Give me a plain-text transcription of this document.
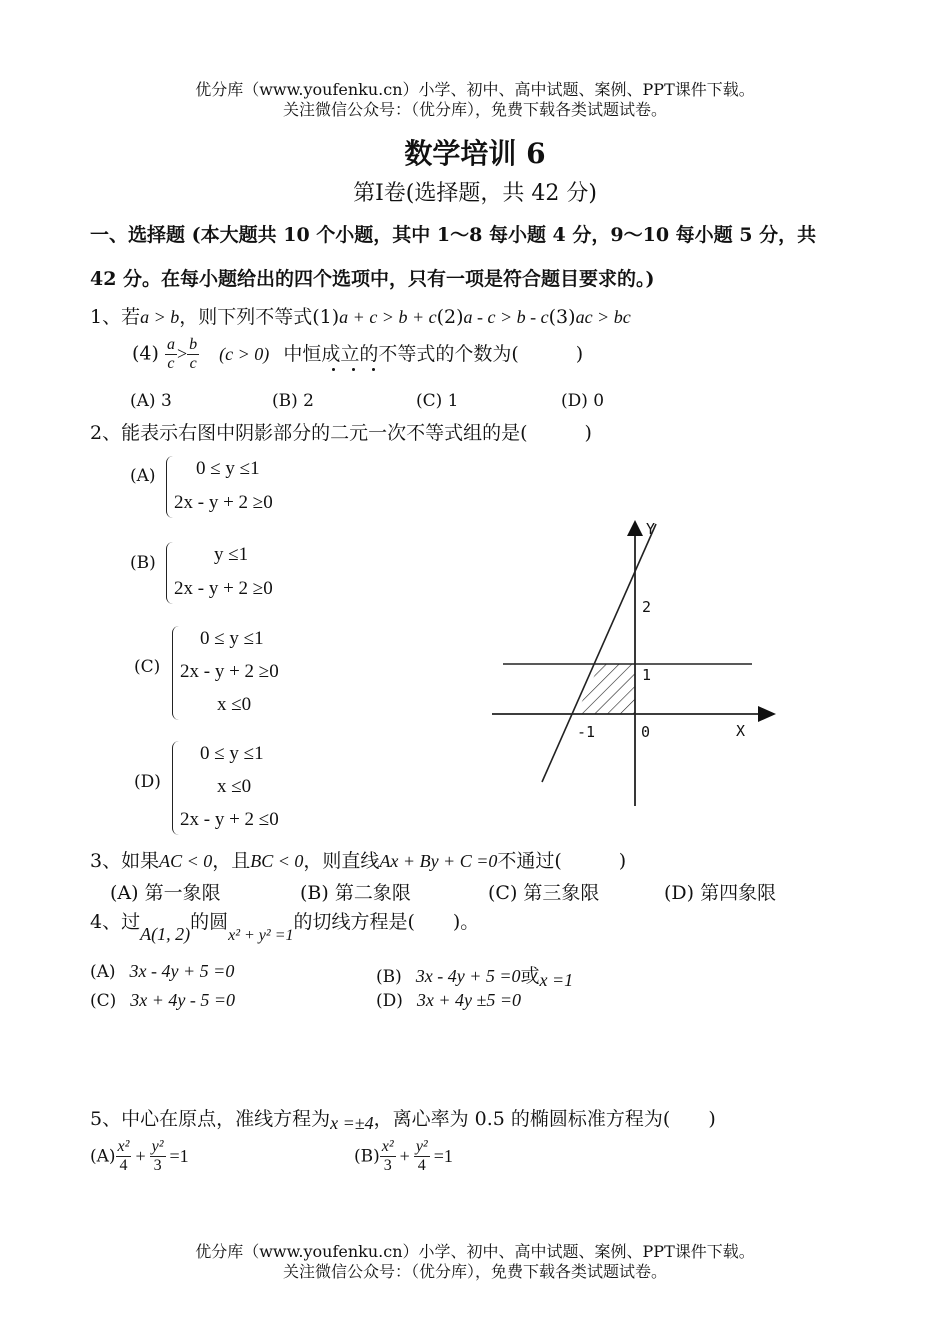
优分库（www.youfenku.cn）小学、初中、高中试题、案例、PPT课件下载。
关注微信公众号：（优分库），免费下载各类试题试卷。
数学培训 6
第Ⅰ卷(选择题，共 42 分)
一、选择题 (本大题共 10 个小题，其中 1～8 每小题 4 分，9～10 每小题 5 分，共
42 分。在每小题给出的四个选项中，只有一项是符合题目要求的。)
1、若a > b，则下列不等式(1)a + c > b + c(2)a - c > b - c(3)ac > bc
$(4) \frac{a}{c} > \frac{b}{c} (c > 0)$ 中恒成立的不等式的个数为(　　　)
(A) 3	(B) 2	(C) 1	(D) 0
2、能表示右图中阴影部分的二元一次不等式组的是(　　　)
(A) 0 ≤ y ≤1
2x - y + 2 ≥0
(B)	y ≤1
2x - y + 2 ≥0
(C)
0 ≤ y ≤1
2x - y + 2 ≥0
x ≤0
(D)
0 ≤ y ≤1
x ≤0
2x - y + 2 ≤0
Y
X
2
1
0
-1
3、如果AC < 0，且BC < 0，则直线Ax + By + C =0不通过(　　　)
(A) 第一象限	(B) 第二象限	(C) 第三象限	(D) 第四象限
4、过A(1, 2)的圆$_{x^2 + y^2 =1}$的切线方程是(　　)。
(A) 3x - 4y + 5 =0	(B) 3x - 4y + 5 =0或x =1
(C) 3x + 4y - 5 =0	(D) 3x + 4y ±5 =0
5、中心在原点，准线方程为x =±4，离心率为 0.5 的椭圆标准方程为(　　)
$(A) \frac{\text{x²}}{4} + \frac{\text{y²}}{3} =1$	$(B) \frac{\text{x²}}{3} + \frac{\text{y²}}{4} =1$
优分库（www.youfenku.cn）小学、初中、高中试题、案例、PPT课件下载。
关注微信公众号：（优分库），免费下载各类试题试卷。
